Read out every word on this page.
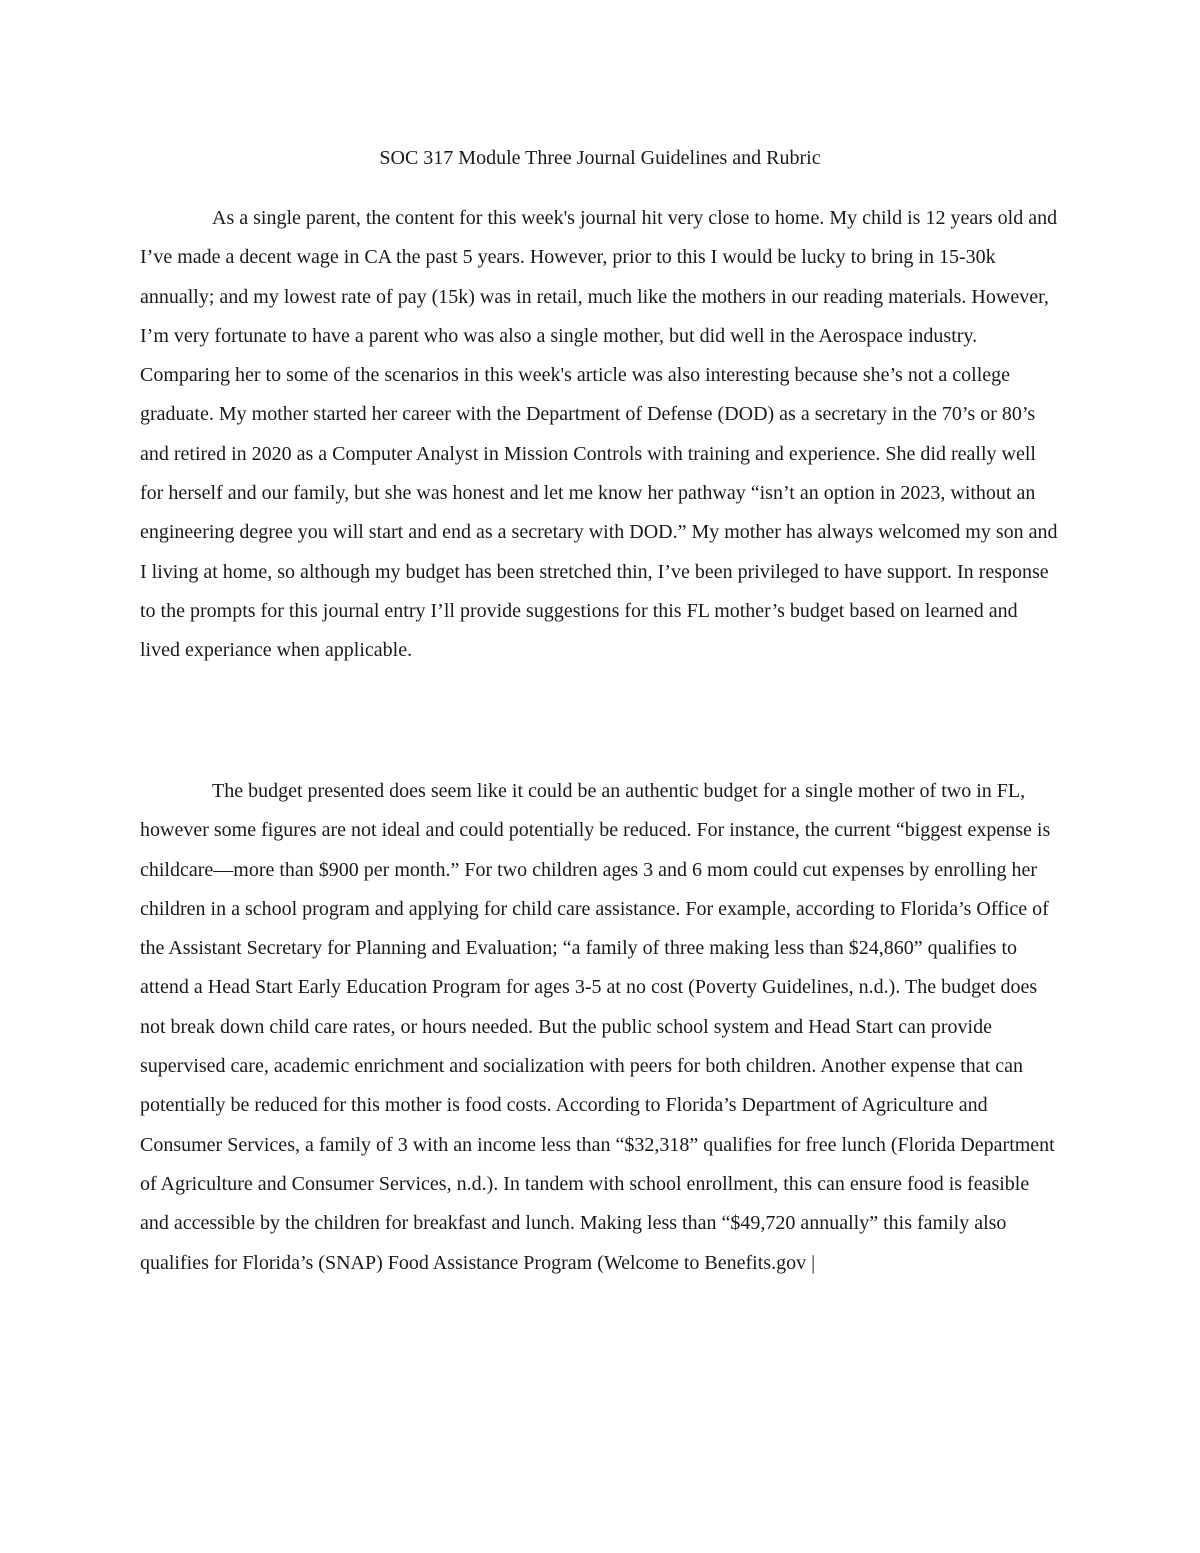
SOC 317 Module Three Journal Guidelines and Rubric

As a single parent, the content for this week's journal hit very close to home. My child is 12 years old and I’ve made a decent wage in CA the past 5 years. However, prior to this I would be lucky to bring in 15-30k annually; and my lowest rate of pay (15k) was in retail, much like the mothers in our reading materials. However, I’m very fortunate to have a parent who was also a single mother, but did well in the Aerospace industry. Comparing her to some of the scenarios in this week's article was also interesting because she’s not a college graduate. My mother started her career with the Department of Defense (DOD) as a secretary in the 70’s or 80’s and retired in 2020 as a Computer Analyst in Mission Controls with training and experience. She did really well for herself and our family, but she was honest and let me know her pathway “isn’t an option in 2023, without an engineering degree you will start and end as a secretary with DOD.” My mother has always welcomed my son and I living at home, so although my budget has been stretched thin, I’ve been privileged to have support. In response to the prompts for this journal entry I’ll provide suggestions for this FL mother’s budget based on learned and lived experiance when applicable.

The budget presented does seem like it could be an authentic budget for a single mother of two in FL, however some figures are not ideal and could potentially be reduced. For instance, the current “biggest expense is childcare—more than $900 per month.” For two children ages 3 and 6 mom could cut expenses by enrolling her children in a school program and applying for child care assistance. For example, according to Florida’s Office of the Assistant Secretary for Planning and Evaluation; “a family of three making less than $24,860” qualifies to attend a Head Start Early Education Program for ages 3-5 at no cost (Poverty Guidelines, n.d.). The budget does not break down child care rates, or hours needed. But the public school system and Head Start can provide supervised care, academic enrichment and socialization with peers for both children. Another expense that can potentially be reduced for this mother is food costs. According to Florida’s Department of Agriculture and Consumer Services, a family of 3 with an income less than “$32,318” qualifies for free lunch (Florida Department of Agriculture and Consumer Services, n.d.). In tandem with school enrollment, this can ensure food is feasible and accessible by the children for breakfast and lunch. Making less than “$49,720 annually” this family also qualifies for Florida’s (SNAP) Food Assistance Program (Welcome to Benefits.gov |
